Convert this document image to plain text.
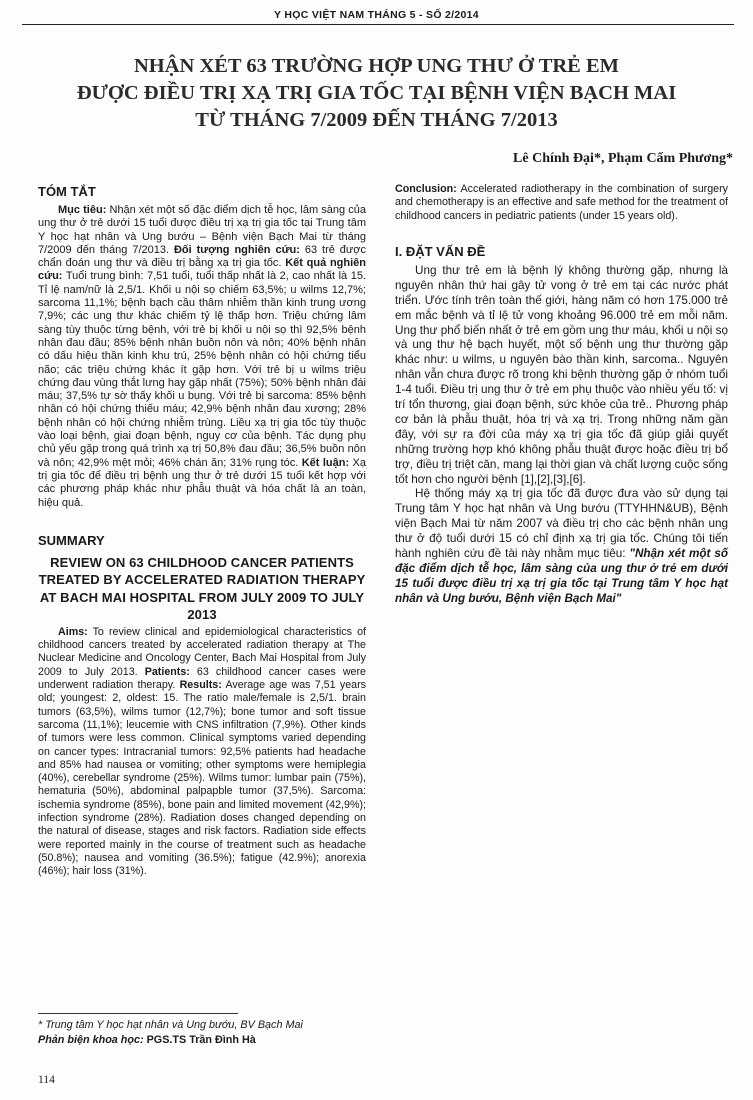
Y HỌC VIỆT NAM THÁNG 5 - SỐ 2/2014
NHẬN XÉT 63 TRƯỜNG HỢP UNG THƯ Ở TRẺ EM
ĐƯỢC ĐIỀU TRỊ XẠ TRỊ GIA TỐC TẠI BỆNH VIỆN BẠCH MAI
TỪ THÁNG 7/2009 ĐẾN THÁNG 7/2013

Lê Chính Đại*, Phạm Cẩm Phương*

TÓM TẮT

Mục tiêu: Nhận xét một số đặc điểm dịch tễ học, lâm sàng của ung thư ở trẻ dưới 15 tuổi được điều trị xạ trị gia tốc tại Trung tâm Y học hạt nhân và Ung bướu – Bệnh viện Bạch Mai từ tháng 7/2009 đến tháng 7/2013. Đối tượng nghiên cứu: 63 trẻ được chẩn đoán ung thư và điều trị bằng xạ trị gia tốc. Kết quả nghiên cứu: Tuổi trung bình: 7,51 tuổi, tuổi thấp nhất là 2, cao nhất là 15. Tỉ lệ nam/nữ là 2,5/1. Khối u nội sọ chiếm 63,5%; u wilms 12,7%; sarcoma 11,1%; bệnh bạch cầu thâm nhiễm thần kinh trung ương 7,9%; các ung thư khác chiếm tỷ lệ thấp hơn. Triệu chứng lâm sàng tùy thuộc từng bệnh, với trẻ bị khối u nội sọ thì 92,5% bệnh nhân đau đầu; 85% bệnh nhân buồn nôn và nôn; 40% bệnh nhân có dấu hiệu thần kinh khu trú, 25% bệnh nhân có hội chứng tiểu não; các triệu chứng khác ít gặp hơn. Với trẻ bị u wilms triệu chứng đau vùng thắt lưng hay gặp nhất (75%); 50% bệnh nhân đái máu; 37,5% tự sờ thấy khối u bụng. Với trẻ bị sarcoma: 85% bệnh nhân có hội chứng thiếu máu; 42,9% bệnh nhân đau xương; 28% bệnh nhân có hội chứng nhiễm trùng. Liều xạ trị gia tốc tùy thuộc vào loại bệnh, giai đoạn bệnh, nguy cơ của bệnh. Tác dụng phụ chủ yếu gặp trong quá trình xạ trị 50,8% đau đầu; 36,5% buồn nôn và nôn; 42,9% mệt mỏi; 46% chán ăn; 31% rụng tóc. Kết luận: Xạ trị gia tốc để điều trị bệnh ung thư ở trẻ dưới 15 tuổi kết hợp với các phương pháp khác như phẫu thuật và hóa chất là an toàn, hiệu quả.

SUMMARY
REVIEW ON 63 CHILDHOOD CANCER PATIENTS TREATED BY ACCELERATED RADIATION THERAPY AT BACH MAI HOSPITAL FROM JULY 2009 TO JULY 2013

Aims: To review clinical and epidemiological characteristics of childhood cancers treated by accelerated radiation therapy at The Nuclear Medicine and Oncology Center, Bach Mai Hospital from July 2009 to July 2013. Patients: 63 childhood cancer cases were underwent radiation therapy. Results: Average age was 7,51 years old; youngest: 2, oldest: 15. The ratio male/female is 2,5/1. brain tumors (63,5%), wilms tumor (12,7%); bone tumor and soft tissue sarcoma (11,1%); leucemie with CNS infiltration (7,9%). Other kinds of tumors were less common. Clinical symptoms varied depending on cancer types: Intracranial tumors: 92,5% patients had headache and 85% had nausea or vomiting; other symptoms were hemiplegia (40%), cerebellar syndrome (25%). Wilms tumor: lumbar pain (75%), hematuria (50%), abdominal palpapble tumor (37,5%). Sarcoma: ischemia syndrome (85%), bone pain and limited movement (42,9%); infection syndrome (28%). Radiation doses changed depending on the natural of disease, stages and risk factors. Radiation side effects were reported mainly in the course of treatment such as headache (50.8%); nausea and vomiting (36.5%); fatigue (42.9%); anorexia (46%); hair loss (31%).

Conclusion: Accelerated radiotherapy in the combination of surgery and chemotherapy is an effective and safe method for the treatment of childhood cancers in pediatric patients (under 15 years old).

I. ĐẶT VẤN ĐỀ

Ung thư trẻ em là bệnh lý không thường gặp, nhưng là nguyên nhân thứ hai gây tử vong ở trẻ em tại các nước phát triển. Ước tính trên toàn thế giới, hàng năm có hơn 175.000 trẻ em mắc bệnh và tỉ lệ tử vong khoảng 96.000 trẻ em mỗi năm. Ung thư phổ biến nhất ở trẻ em gồm ung thư máu, khối u nội sọ và ung thư hệ bạch huyết, một số bệnh ung thư thường gặp khác như: u wilms, u nguyên bào thần kinh, sarcoma.. Nguyên nhân vẫn chưa được rõ trong khi bệnh thường gặp ở nhóm tuổi 1-4 tuổi. Điều trị ung thư ở trẻ em phụ thuộc vào nhiều yếu tố: vị trí tổn thương, giai đoạn bệnh, sức khỏe của trẻ.. Phương pháp cơ bản là phẫu thuật, hóa trị và xạ trị. Trong những năm gần đây, với sự ra đời của máy xạ trị gia tốc đã giúp giải quyết những trường hợp khó không phẫu thuật được hoặc điều trị bổ trợ, điều trị triệt căn, mang lại thời gian và chất lượng cuộc sống tốt hơn cho người bệnh [1],[2],[3],[6].

Hệ thống máy xạ trị gia tốc đã được đưa vào sử dụng tại Trung tâm Y học hạt nhân và Ung bướu (TTYHHN&UB), Bệnh viện Bạch Mai từ năm 2007 và điều trị cho các bệnh nhân ung thư ở độ tuổi dưới 15 có chỉ định xạ trị gia tốc. Chúng tôi tiến hành nghiên cứu đề tài này nhằm mục tiêu: "Nhận xét một số đặc điểm dịch tễ học, lâm sàng của ung thư ở trẻ em dưới 15 tuổi được điều trị xạ trị gia tốc tại Trung tâm Y học hạt nhân và Ung bướu, Bệnh viện Bạch Mai"

* Trung tâm Y học hạt nhân và Ung bướu, BV Bạch Mai
Phản biện khoa học: PGS.TS Trần Đình Hà
114
